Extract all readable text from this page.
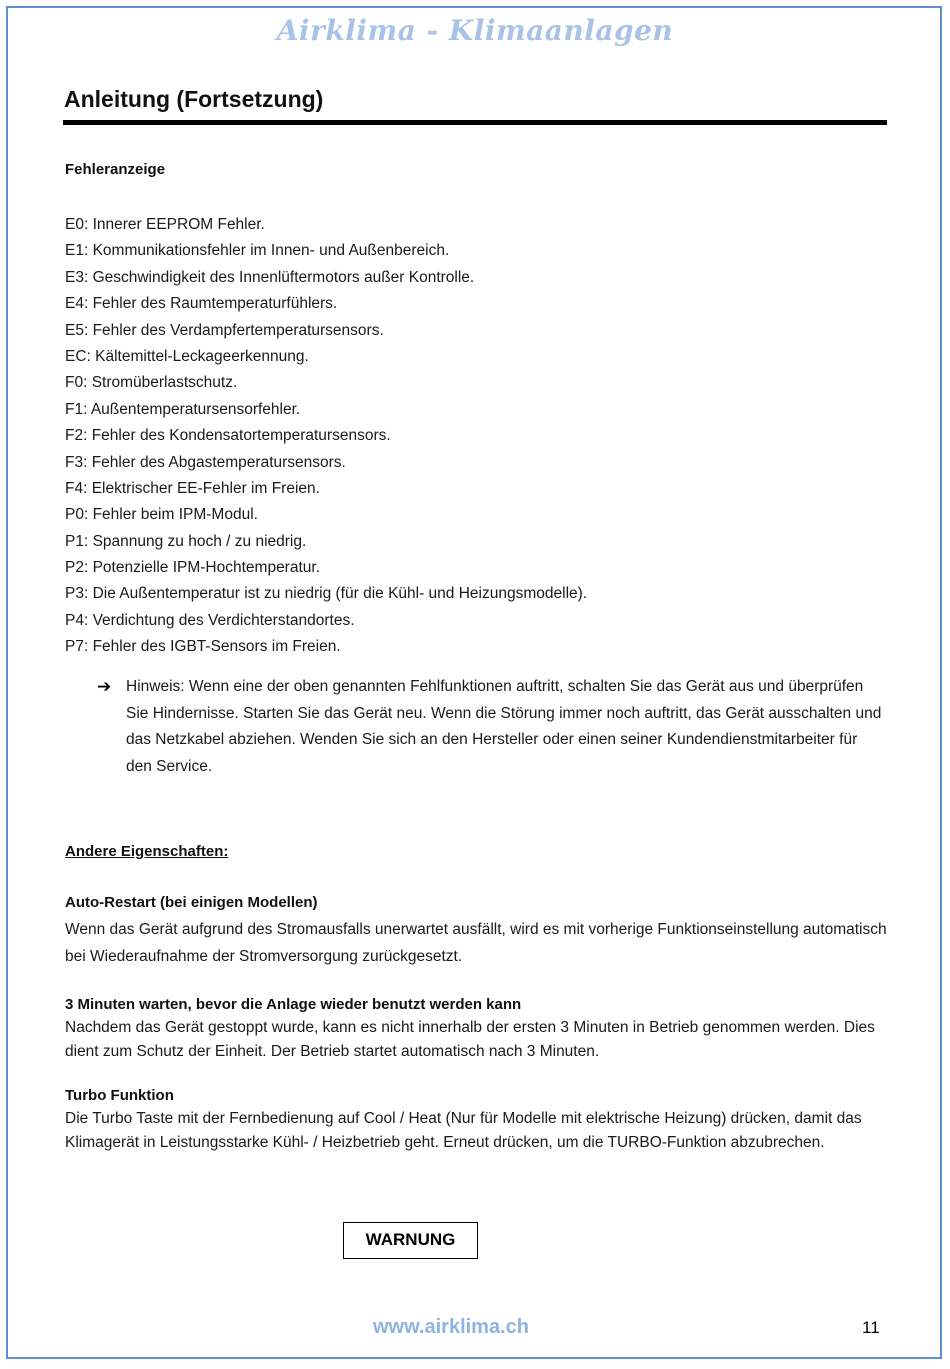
Airklima - Klimaanlagen
Anleitung (Fortsetzung)
Fehleranzeige
E0: Innerer EEPROM Fehler.
E1: Kommunikationsfehler im Innen- und Außenbereich.
E3: Geschwindigkeit des Innenlüftermotors außer Kontrolle.
E4: Fehler des Raumtemperaturfühlers.
E5: Fehler des Verdampfertemperatursensors.
EC: Kältemittel-Leckageerkennung.
F0: Stromüberlastschutz.
F1: Außentemperatursensorfehler.
F2: Fehler des Kondensatortemperatursensors.
F3: Fehler des Abgastemperatursensors.
F4: Elektrischer EE-Fehler im Freien.
P0: Fehler beim IPM-Modul.
P1: Spannung zu hoch / zu niedrig.
P2: Potenzielle IPM-Hochtemperatur.
P3: Die Außentemperatur ist zu niedrig (für die Kühl- und Heizungsmodelle).
P4: Verdichtung des Verdichterstandortes.
P7: Fehler des IGBT-Sensors im Freien.
➔ Hinweis: Wenn eine der oben genannten Fehlfunktionen auftritt, schalten Sie das Gerät aus und überprüfen Sie Hindernisse. Starten Sie das Gerät neu. Wenn die Störung immer noch auftritt, das Gerät ausschalten und das Netzkabel abziehen. Wenden Sie sich an den Hersteller oder einen seiner Kundendienstmitarbeiter für den Service.
Andere Eigenschaften:
Auto-Restart (bei einigen Modellen)
Wenn das Gerät aufgrund des Stromausfalls unerwartet ausfällt, wird es mit vorherige Funktionseinstellung automatisch bei Wiederaufnahme der Stromversorgung zurückgesetzt.
3 Minuten warten, bevor die Anlage wieder benutzt werden kann
Nachdem das Gerät gestoppt wurde, kann es nicht innerhalb der ersten 3 Minuten in Betrieb genommen werden. Dies dient zum Schutz der Einheit. Der Betrieb startet automatisch nach 3 Minuten.
Turbo Funktion
Die Turbo Taste mit der Fernbedienung auf Cool / Heat (Nur für Modelle mit elektrische Heizung) drücken, damit das Klimagerät in Leistungsstarke Kühl- / Heizbetrieb geht. Erneut drücken, um die TURBO-Funktion abzubrechen.
WARNUNG
www.airklima.ch	11
